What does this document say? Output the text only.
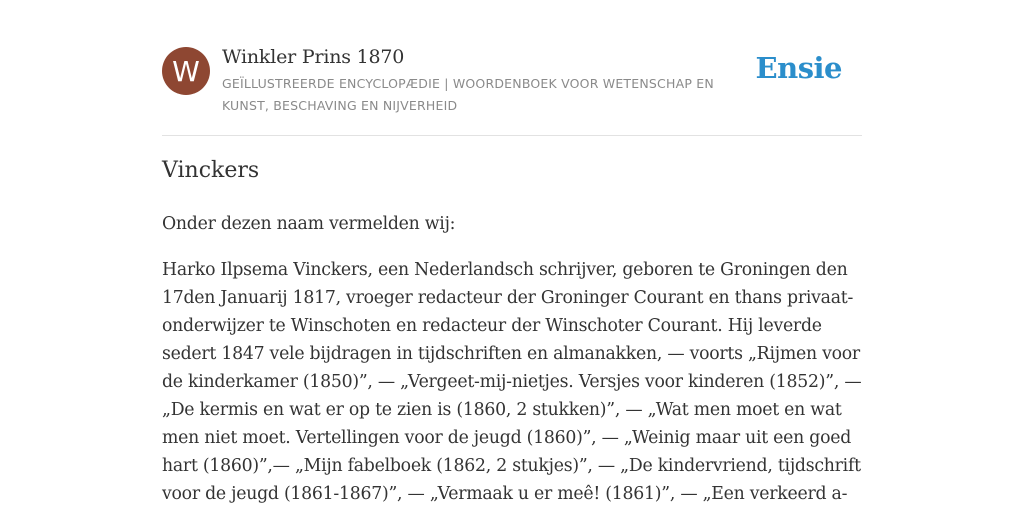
W	Winkler Prins 1870
GEÏLLUSTREERDE ENCYCLOPÆDIE | WOORDENBOEK VOOR WETENSCHAP EN KUNST, BESCHAVING EN NIJVERHEID
Ensie
Vinckers

Onder dezen naam vermelden wij:

Harko Ilpsema Vinckers, een Nederlandsch schrijver, geboren te Groningen den 17den Januarij 1817, vroeger redacteur der Groninger Courant en thans privaat-onderwijzer te Winschoten en redacteur der Winschoter Courant. Hij leverde sedert 1847 vele bijdragen in tijdschriften en almanakken, — voorts „Rijmen voor de kinderkamer (1850)”, — „Vergeet-mij-nietjes. Versjes voor kinderen (1852)”, — „De kermis en wat er op te zien is (1860, 2 stukken)”, — „Wat men moet en wat men niet moet. Vertellingen voor de jeugd (1860)”, — „Weinig maar uit een goed hart (1860)”,— „Mijn fabelboek (1862, 2 stukjes)”, — „De kindervriend, tijdschrift voor de jeugd (1861-1867)”, — „Vermaak u er meê! (1861)”, — „Een verkeerd a-
